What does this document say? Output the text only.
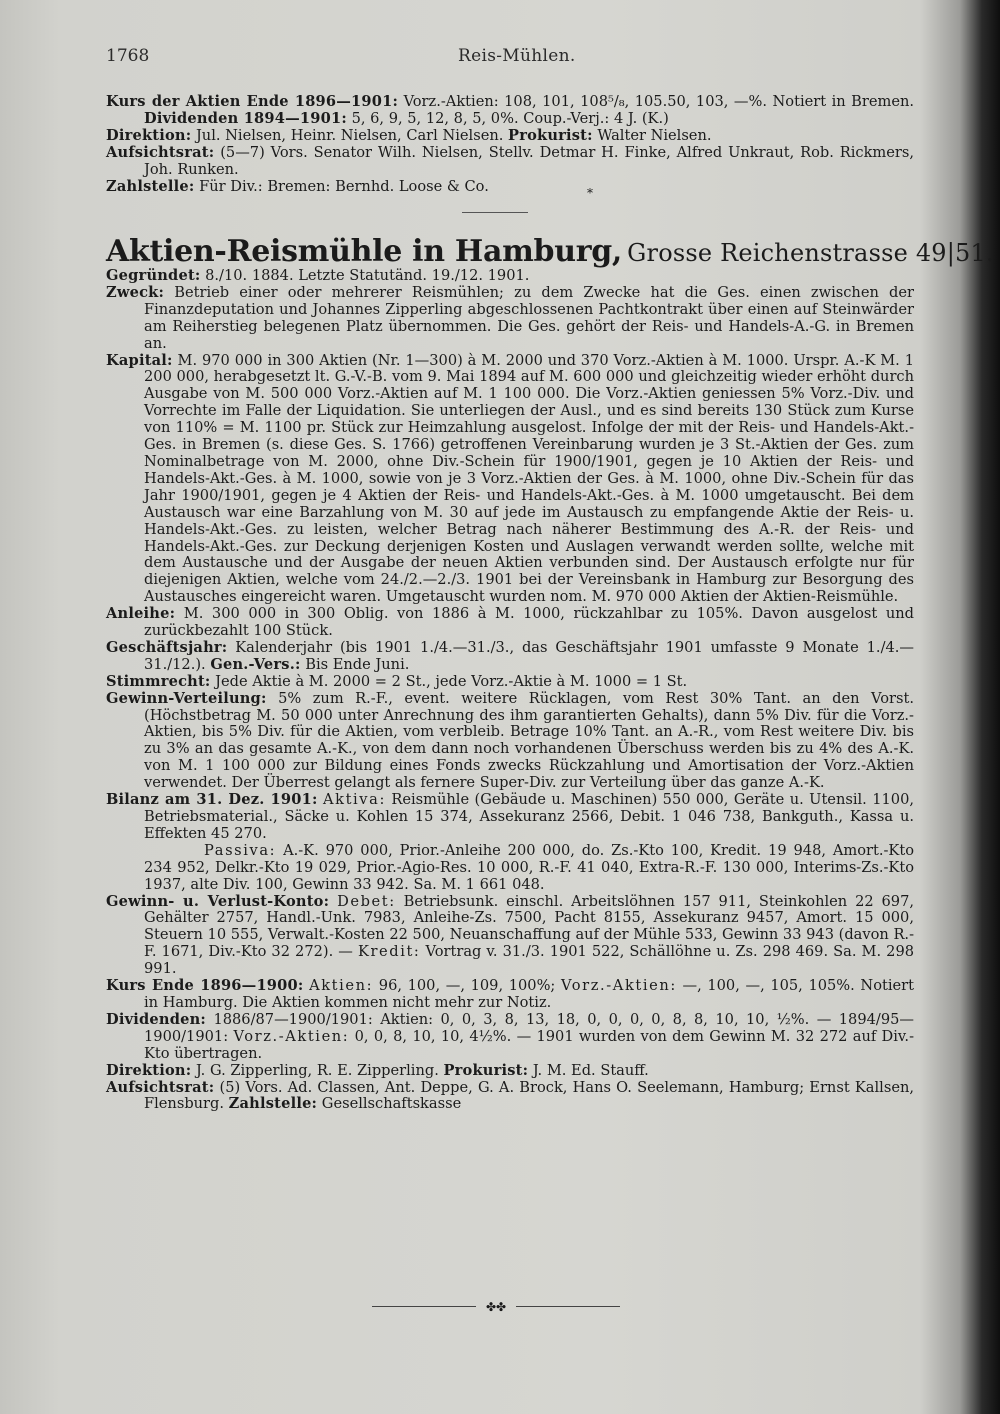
1768	Reis-Mühlen.

Kurs der Aktien Ende 1896—1901: Vorz.-Aktien: 108, 101, 108⁵/₈, 105.50, 103, —%. Notiert in Bremen. Dividenden 1894—1901: 5, 6, 9, 5, 12, 8, 5, 0%. Coup.-Verj.: 4 J. (K.)

Direktion: Jul. Nielsen, Heinr. Nielsen, Carl Nielsen. Prokurist: Walter Nielsen.

Aufsichtsrat: (5—7) Vors. Senator Wilh. Nielsen, Stellv. Detmar H. Finke, Alfred Unkraut, Rob. Rickmers, Joh. Runken.

Zahlstelle: Für Div.: Bremen: Bernhd. Loose & Co.	*
Aktien-Reismühle in Hamburg, Grosse Reichenstrasse 49|51.

Gegründet: 8./10. 1884. Letzte Statutänd. 19./12. 1901.

Zweck: Betrieb einer oder mehrerer Reismühlen; zu dem Zwecke hat die Ges. einen zwischen der Finanzdeputation und Johannes Zipperling abgeschlossenen Pachtkontrakt über einen auf Steinwärder am Reiherstieg belegenen Platz übernommen. Die Ges. gehört der Reis- und Handels-A.-G. in Bremen an.

Kapital: M. 970 000 in 300 Aktien (Nr. 1—300) à M. 2000 und 370 Vorz.-Aktien à M. 1000. Urspr. A.-K M. 1 200 000, herabgesetzt lt. G.-V.-B. vom 9. Mai 1894 auf M. 600 000 und gleichzeitig wieder erhöht durch Ausgabe von M. 500 000 Vorz.-Aktien auf M. 1 100 000. Die Vorz.-Aktien geniessen 5% Vorz.-Div. und Vorrechte im Falle der Liquidation. Sie unterliegen der Ausl., und es sind bereits 130 Stück zum Kurse von 110% = M. 1100 pr. Stück zur Heimzahlung ausgelost. Infolge der mit der Reis- und Handels-Akt.-Ges. in Bremen (s. diese Ges. S. 1766) getroffenen Vereinbarung wurden je 3 St.-Aktien der Ges. zum Nominalbetrage von M. 2000, ohne Div.-Schein für 1900/1901, gegen je 10 Aktien der Reis- und Handels-Akt.-Ges. à M. 1000, sowie von je 3 Vorz.-Aktien der Ges. à M. 1000, ohne Div.-Schein für das Jahr 1900/1901, gegen je 4 Aktien der Reis- und Handels-Akt.-Ges. à M. 1000 umgetauscht. Bei dem Austausch war eine Barzahlung von M. 30 auf jede im Austausch zu empfangende Aktie der Reis- u. Handels-Akt.-Ges. zu leisten, welcher Betrag nach näherer Bestimmung des A.-R. der Reis- und Handels-Akt.-Ges. zur Deckung derjenigen Kosten und Auslagen verwandt werden sollte, welche mit dem Austausche und der Ausgabe der neuen Aktien verbunden sind. Der Austausch erfolgte nur für diejenigen Aktien, welche vom 24./2.—2./3. 1901 bei der Vereinsbank in Hamburg zur Besorgung des Austausches eingereicht waren. Umgetauscht wurden nom. M. 970 000 Aktien der Aktien-Reismühle.

Anleihe: M. 300 000 in 300 Oblig. von 1886 à M. 1000, rückzahlbar zu 105%. Davon ausgelost und zurückbezahlt 100 Stück.

Geschäftsjahr: Kalenderjahr (bis 1901 1./4.—31./3., das Geschäftsjahr 1901 umfasste 9 Monate 1./4.—31./12.). Gen.-Vers.: Bis Ende Juni.

Stimmrecht: Jede Aktie à M. 2000 = 2 St., jede Vorz.-Aktie à M. 1000 = 1 St.

Gewinn-Verteilung: 5% zum R.-F., event. weitere Rücklagen, vom Rest 30% Tant. an den Vorst. (Höchstbetrag M. 50 000 unter Anrechnung des ihm garantierten Gehalts), dann 5% Div. für die Vorz.-Aktien, bis 5% Div. für die Aktien, vom verbleib. Betrage 10% Tant. an A.-R., vom Rest weitere Div. bis zu 3% an das gesamte A.-K., von dem dann noch vorhandenen Überschuss werden bis zu 4% des A.-K. von M. 1 100 000 zur Bildung eines Fonds zwecks Rückzahlung und Amortisation der Vorz.-Aktien verwendet. Der Überrest gelangt als fernere Super-Div. zur Verteilung über das ganze A.-K.

Bilanz am 31. Dez. 1901: Aktiva: Reismühle (Gebäude u. Maschinen) 550 000, Geräte u. Utensil. 1100, Betriebsmaterial., Säcke u. Kohlen 15 374, Assekuranz 2566, Debit. 1 046 738, Bankguth., Kassa u. Effekten 45 270.

Passiva: A.-K. 970 000, Prior.-Anleihe 200 000, do. Zs.-Kto 100, Kredit. 19 948, Amort.-Kto 234 952, Delkr.-Kto 19 029, Prior.-Agio-Res. 10 000, R.-F. 41 040, Extra-R.-F. 130 000, Interims-Zs.-Kto 1937, alte Div. 100, Gewinn 33 942. Sa. M. 1 661 048.

Gewinn- u. Verlust-Konto: Debet: Betriebsunk. einschl. Arbeitslöhnen 157 911, Steinkohlen 22 697, Gehälter 2757, Handl.-Unk. 7983, Anleihe-Zs. 7500, Pacht 8155, Assekuranz 9457, Amort. 15 000, Steuern 10 555, Verwalt.-Kosten 22 500, Neuanschaffung auf der Mühle 533, Gewinn 33 943 (davon R.-F. 1671, Div.-Kto 32 272). — Kredit: Vortrag v. 31./3. 1901 522, Schällöhne u. Zs. 298 469. Sa. M. 298 991.

Kurs Ende 1896—1900: Aktien: 96, 100, —, 109, 100%; Vorz.-Aktien: —, 100, —, 105, 105%. Notiert in Hamburg. Die Aktien kommen nicht mehr zur Notiz.

Dividenden: 1886/87—1900/1901: Aktien: 0, 0, 3, 8, 13, 18, 0, 0, 0, 0, 8, 8, 10, 10, ½%. — 1894/95—1900/1901: Vorz.-Aktien: 0, 0, 8, 10, 10, 4½%. — 1901 wurden von dem Gewinn M. 32 272 auf Div.-Kto übertragen.

Direktion: J. G. Zipperling, R. E. Zipperling. Prokurist: J. M. Ed. Stauff.

Aufsichtsrat: (5) Vors. Ad. Classen, Ant. Deppe, G. A. Brock, Hans O. Seelemann, Hamburg; Ernst Kallsen, Flensburg. Zahlstelle: Gesellschaftskasse

✤✤
